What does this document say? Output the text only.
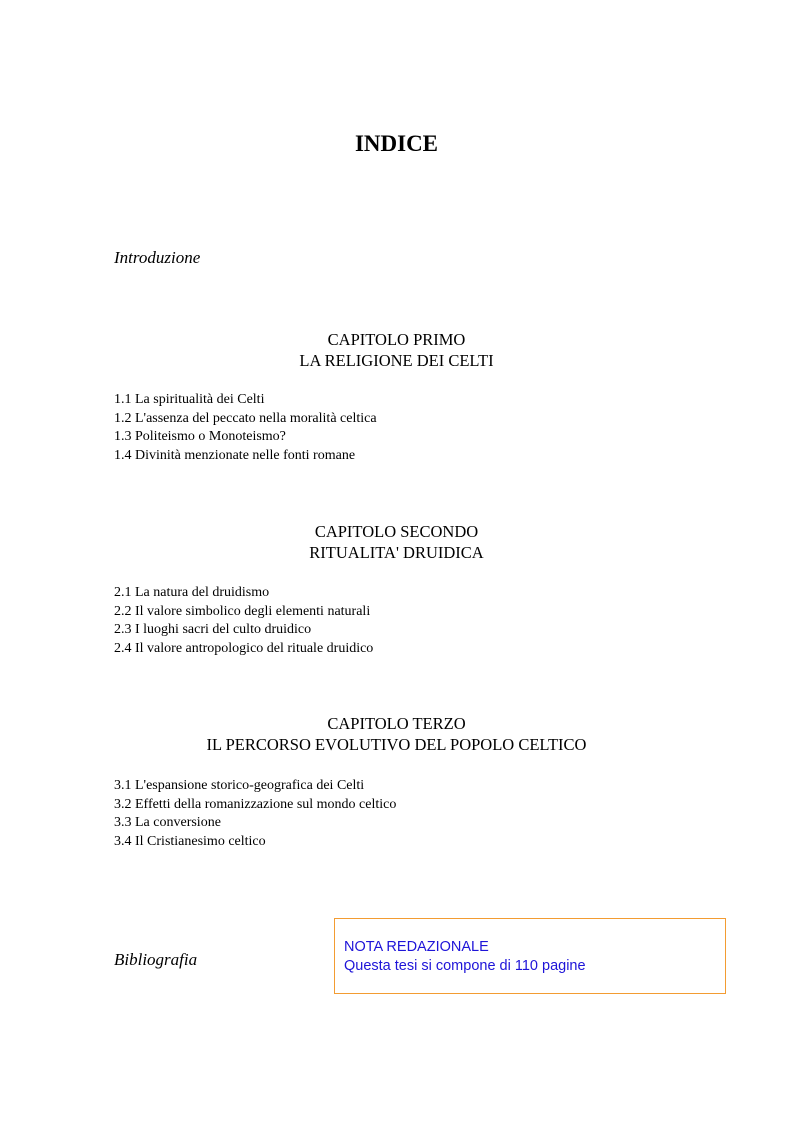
INDICE
Introduzione
CAPITOLO PRIMO
LA RELIGIONE DEI CELTI
1.1 La spiritualità dei Celti
1.2 L'assenza del peccato nella moralità celtica
1.3 Politeismo o Monoteismo?
1.4 Divinità menzionate nelle fonti romane
CAPITOLO SECONDO
RITUALITA' DRUIDICA
2.1 La natura del druidismo
2.2 Il valore simbolico degli elementi naturali
2.3 I luoghi sacri del culto druidico
2.4 Il valore antropologico del rituale druidico
CAPITOLO TERZO
IL PERCORSO EVOLUTIVO DEL POPOLO CELTICO
3.1 L'espansione storico-geografica dei Celti
3.2 Effetti della romanizzazione sul mondo celtico
3.3 La conversione
3.4 Il Cristianesimo celtico
Bibliografia
NOTA REDAZIONALE
Questa tesi si compone di 110 pagine
